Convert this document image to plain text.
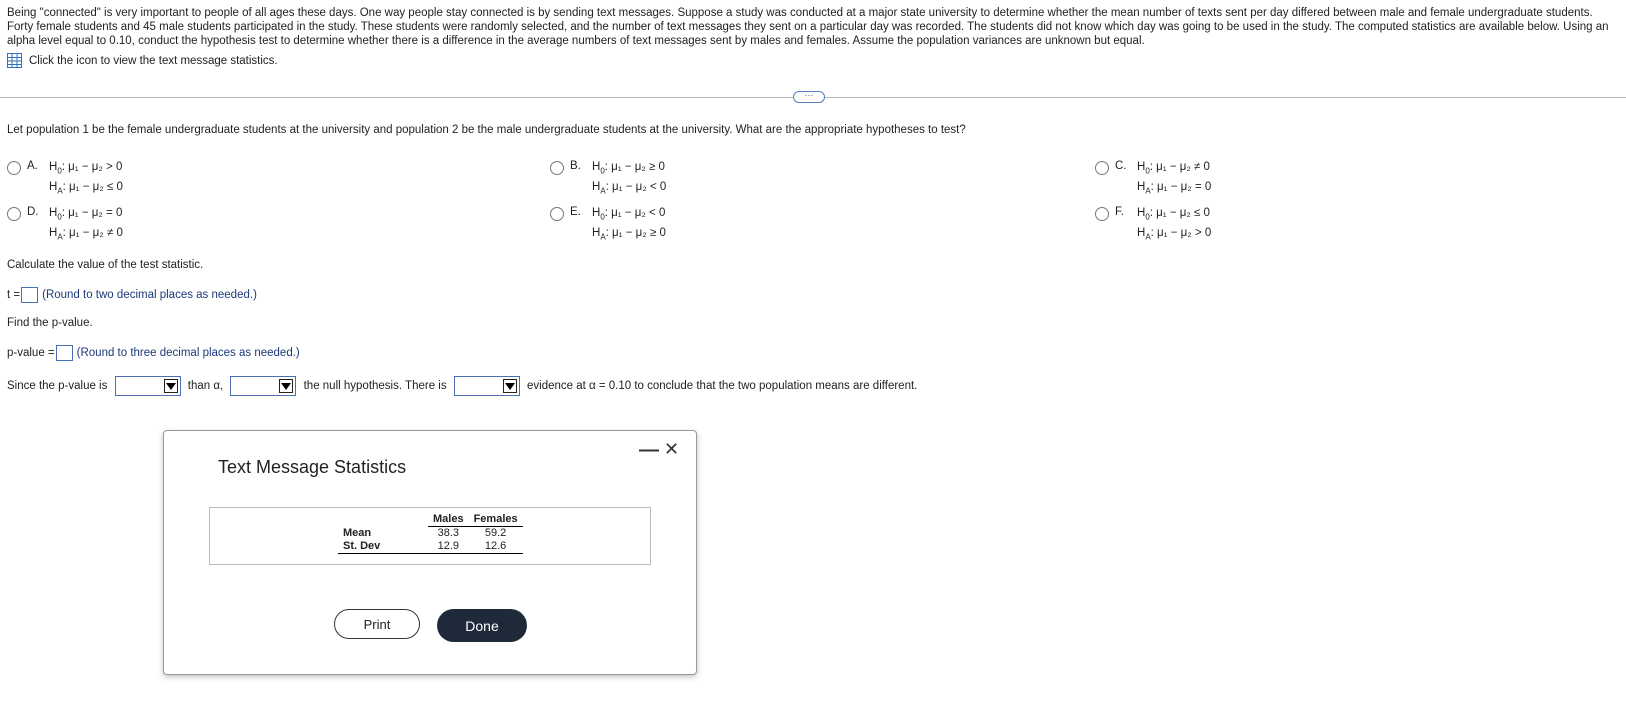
Being "connected" is very important to people of all ages these days. One way people stay connected is by sending text messages. Suppose a study was conducted at a major state university to determine whether the mean number of texts sent per day differed between male and female undergraduate students. Forty female students and 45 male students participated in the study. These students were randomly selected, and the number of text messages they sent on a particular day was recorded. The students did not know which day was going to be used in the study. The computed statistics are available below. Using an alpha level equal to 0.10, conduct the hypothesis test to determine whether there is a difference in the average numbers of text messages sent by males and females. Assume the population variances are unknown but equal.
Click the icon to view the text message statistics.
···
Let population 1 be the female undergraduate students at the university and population 2 be the male undergraduate students at the university. What are the appropriate hypotheses to test?
A. $H_0$: μ₁ − μ₂ > 0
$H_A$: μ₁ − μ₂ ≤ 0
B. $H_0$: μ₁ − μ₂ ≥ 0
$H_A$: μ₁ − μ₂ < 0
C. $H_0$: μ₁ − μ₂ ≠ 0
$H_A$: μ₁ − μ₂ = 0
D. $H_0$: μ₁ − μ₂ = 0
$H_A$: μ₁ − μ₂ ≠ 0
E. $H_0$: μ₁ − μ₂ < 0
$H_A$: μ₁ − μ₂ ≥ 0
F.	$H_0$: μ₁ − μ₂ ≤ 0
$H_A$: μ₁ − μ₂ > 0
Calculate the value of the test statistic.
t = (Round to two decimal places as needed.)
Find the p-value.
p-value = (Round to three decimal places as needed.)
Since the p-value is	than α,	the null hypothesis. There is	evidence at α = 0.10 to conclude that the two population means are different.
Text Message Statistics
— ✕
	Males	Females
Mean	38.3	59.2
St. Dev	12.9	12.6
Print	Done
